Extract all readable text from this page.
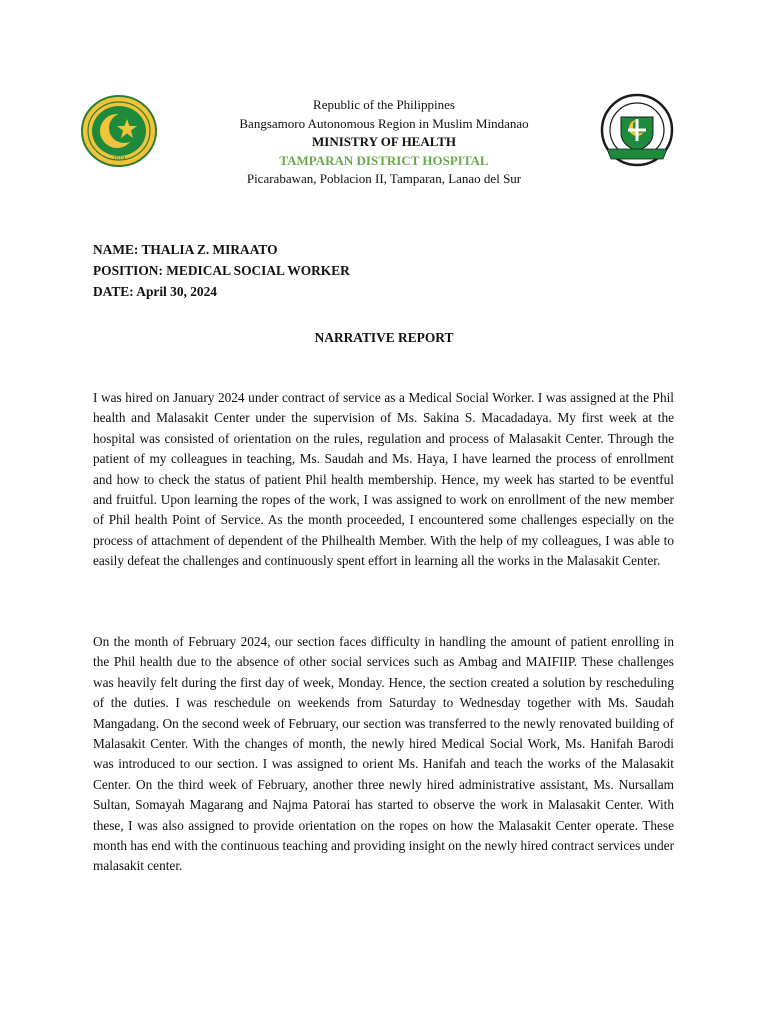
2019
Republic of the Philippines
Bangsamoro Autonomous Region in Muslim Mindanao
MINISTRY OF HEALTH
TAMPARAN DISTRICT HOSPITAL
Picarabawan, Poblacion II, Tamparan, Lanao del Sur
NAME: THALIA Z. MIRAATO
POSITION: MEDICAL SOCIAL WORKER
DATE: April 30, 2024
NARRATIVE REPORT

I was hired on January 2024 under contract of service as a Medical Social Worker. I was assigned at the Phil health and Malasakit Center under the supervision of Ms. Sakina S. Macadadaya. My first week at the hospital was consisted of orientation on the rules, regulation and process of Malasakit Center. Through the patient of my colleagues in teaching, Ms. Saudah and Ms. Haya, I have learned the process of enrollment and how to check the status of patient Phil health membership. Hence, my week has started to be eventful and fruitful. Upon learning the ropes of the work, I was assigned to work on enrollment of the new member of Phil health Point of Service. As the month proceeded, I encountered some challenges especially on the process of attachment of dependent of the Philhealth Member. With the help of my colleagues, I was able to easily defeat the challenges and continuously spent effort in learning all the works in the Malasakit Center.

On the month of February 2024, our section faces difficulty in handling the amount of patient enrolling in the Phil health due to the absence of other social services such as Ambag and MAIFIIP. These challenges was heavily felt during the first day of week, Monday. Hence, the section created a solution by rescheduling of the duties. I was reschedule on weekends from Saturday to Wednesday together with Ms. Saudah Mangadang. On the second week of February, our section was transferred to the newly renovated building of Malasakit Center. With the changes of month, the newly hired Medical Social Work, Ms. Hanifah Barodi was introduced to our section. I was assigned to orient Ms. Hanifah and teach the works of the Malasakit Center. On the third week of February, another three newly hired administrative assistant, Ms. Nursallam Sultan, Somayah Magarang and Najma Patorai has started to observe the work in Malasakit Center. With these, I was also assigned to provide orientation on the ropes on how the Malasakit Center operate. These month has end with the continuous teaching and providing insight on the newly hired contract services under malasakit center.
